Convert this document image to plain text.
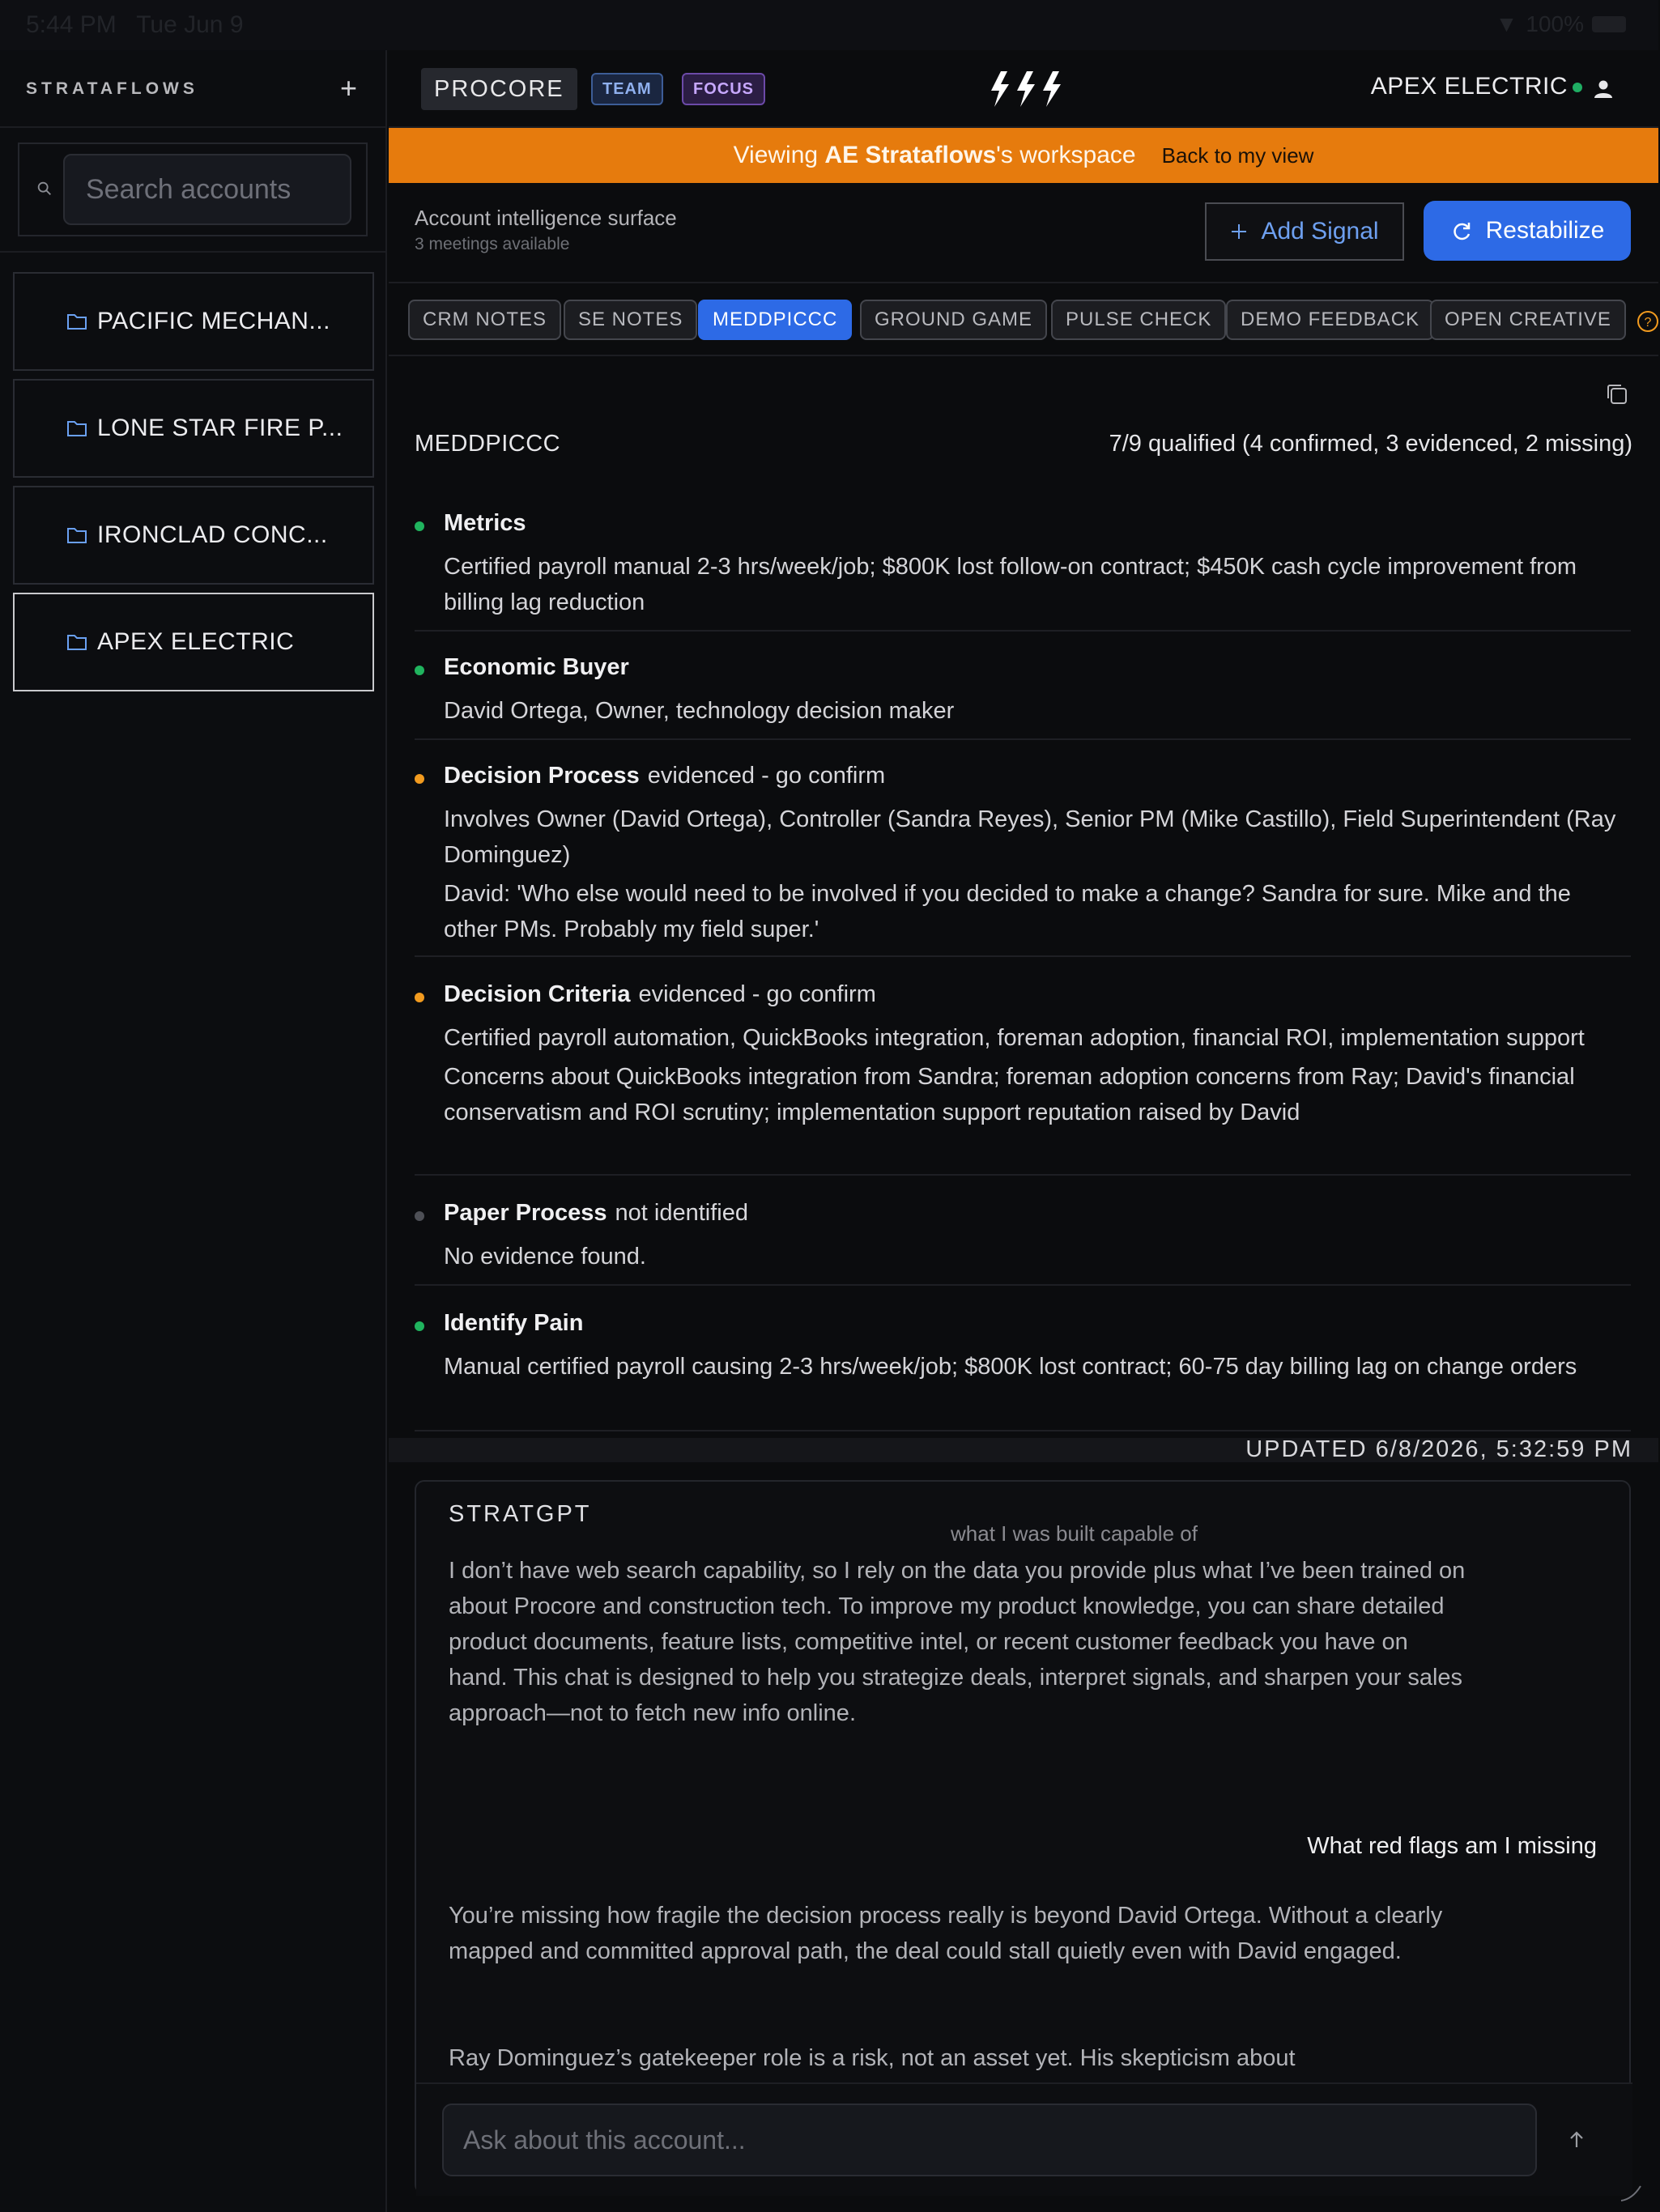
5:44 PM Tue Jun 9	▼ 100%
STRATAFLOWS	+
Search accounts
PACIFIC MECHAN...
LONE STAR FIRE P...
IRONCLAD CONC...
APEX ELECTRIC
PROCORE	TEAM	FOCUS	APEX ELECTRIC
Viewing AE Strataflows's workspace Back to my view
Account intelligence surface
3 meetings available	Add Signal	Restabilize
CRM NOTES	SE NOTES	MEDDPICCC	GROUND GAME	PULSE CHECK	DEMO FEEDBACK	OPEN CREATIVE	?
MEDDPICCC	7/9 qualified (4 confirmed, 3 evidenced, 2 missing)
Metrics

Certified payroll manual 2-3 hrs/week/job; $800K lost follow-on contract; $450K cash cycle improvement from billing lag reduction

Economic Buyer

David Ortega, Owner, technology decision maker

Decision Process evidenced - go confirm

Involves Owner (David Ortega), Controller (Sandra Reyes), Senior PM (Mike Castillo), Field Superintendent (Ray Dominguez)

David: 'Who else would need to be involved if you decided to make a change? Sandra for sure. Mike and the other PMs. Probably my field super.'

Decision Criteria evidenced - go confirm

Certified payroll automation, QuickBooks integration, foreman adoption, financial ROI, implementation support

Concerns about QuickBooks integration from Sandra; foreman adoption concerns from Ray; David's financial conservatism and ROI scrutiny; implementation support reputation raised by David

Paper Process not identified

No evidence found.

Identify Pain

Manual certified payroll causing 2-3 hrs/week/job; $800K lost contract; 60-75 day billing lag on change orders

UPDATED 6/8/2026, 5:32:59 PM
STRATGPT
what I was built capable of
I don’t have web search capability, so I rely on the data you provide plus what I’ve been trained on about Procore and construction tech. To improve my product knowledge, you can share detailed product documents, feature lists, competitive intel, or recent customer feedback you have on hand. This chat is designed to help you strategize deals, interpret signals, and sharpen your sales approach—not to fetch new info online.
What red flags am I missing
You’re missing how fragile the decision process really is beyond David Ortega. Without a clearly mapped and committed approval path, the deal could stall quietly even with David engaged.
Ray Dominguez’s gatekeeper role is a risk, not an asset yet. His skepticism about
Ask about this account...
